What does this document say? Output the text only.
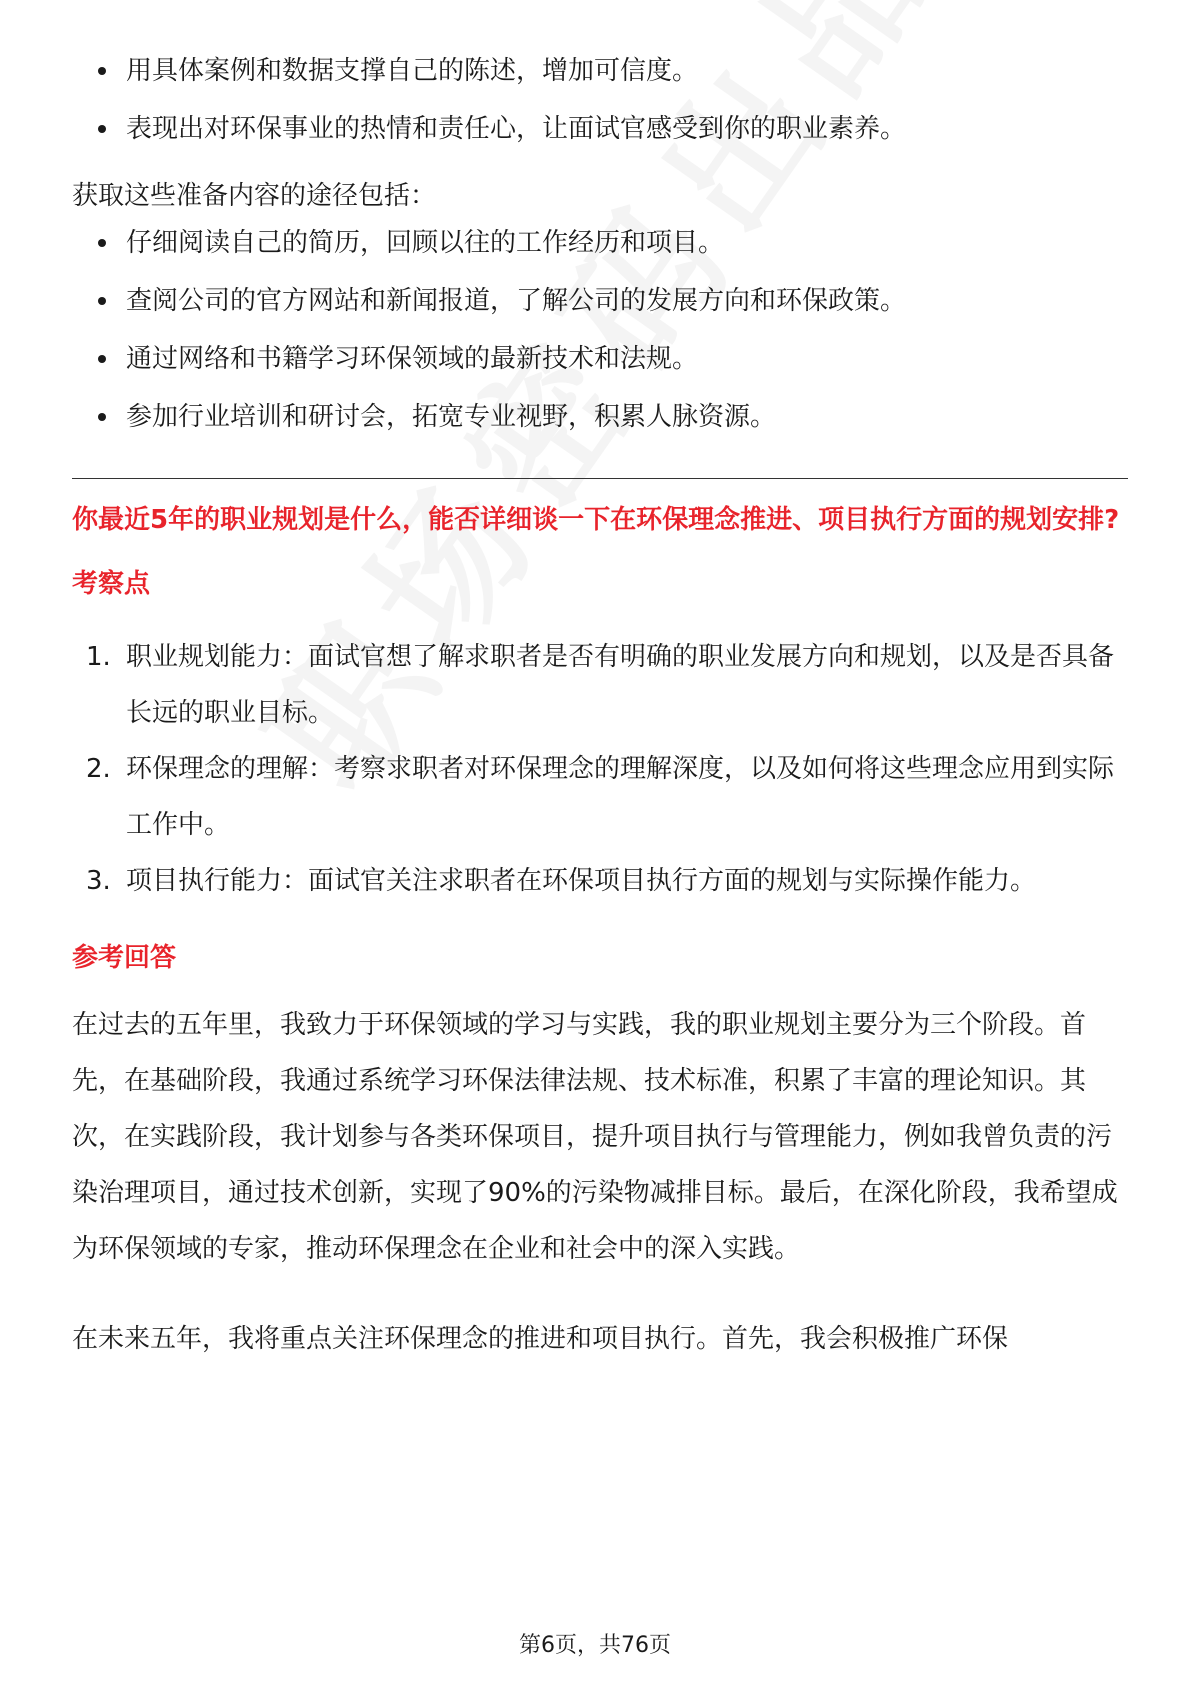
用具体案例和数据支撑自己的陈述，增加可信度。
表现出对环保事业的热情和责任心，让面试官感受到你的职业素养。

获取这些准备内容的途径包括：

仔细阅读自己的简历，回顾以往的工作经历和项目。
查阅公司的官方网站和新闻报道，了解公司的发展方向和环保政策。
通过网络和书籍学习环保领域的最新技术和法规。
参加行业培训和研讨会，拓宽专业视野，积累人脉资源。
你最近5年的职业规划是什么，能否详细谈一下在环保理念推进、项目执行方面的规划安排?
考察点
1. 职业规划能力：面试官想了解求职者是否有明确的职业发展方向和规划，以及是否具备长远的职业目标。
2. 环保理念的理解：考察求职者对环保理念的理解深度，以及如何将这些理念应用到实际工作中。
3. 项目执行能力：面试官关注求职者在环保项目执行方面的规划与实际操作能力。
参考回答

在过去的五年里，我致力于环保领域的学习与实践，我的职业规划主要分为三个阶段。首先，在基础阶段，我通过系统学习环保法律法规、技术标准，积累了丰富的理论知识。其次，在实践阶段，我计划参与各类环保项目，提升项目执行与管理能力，例如我曾负责的污染治理项目，通过技术创新，实现了90%的污染物减排目标。最后，在深化阶段，我希望成为环保领域的专家，推动环保理念在企业和社会中的深入实践。

在未来五年，我将重点关注环保理念的推进和项目执行。首先，我会积极推广环保

第6页，共76页
